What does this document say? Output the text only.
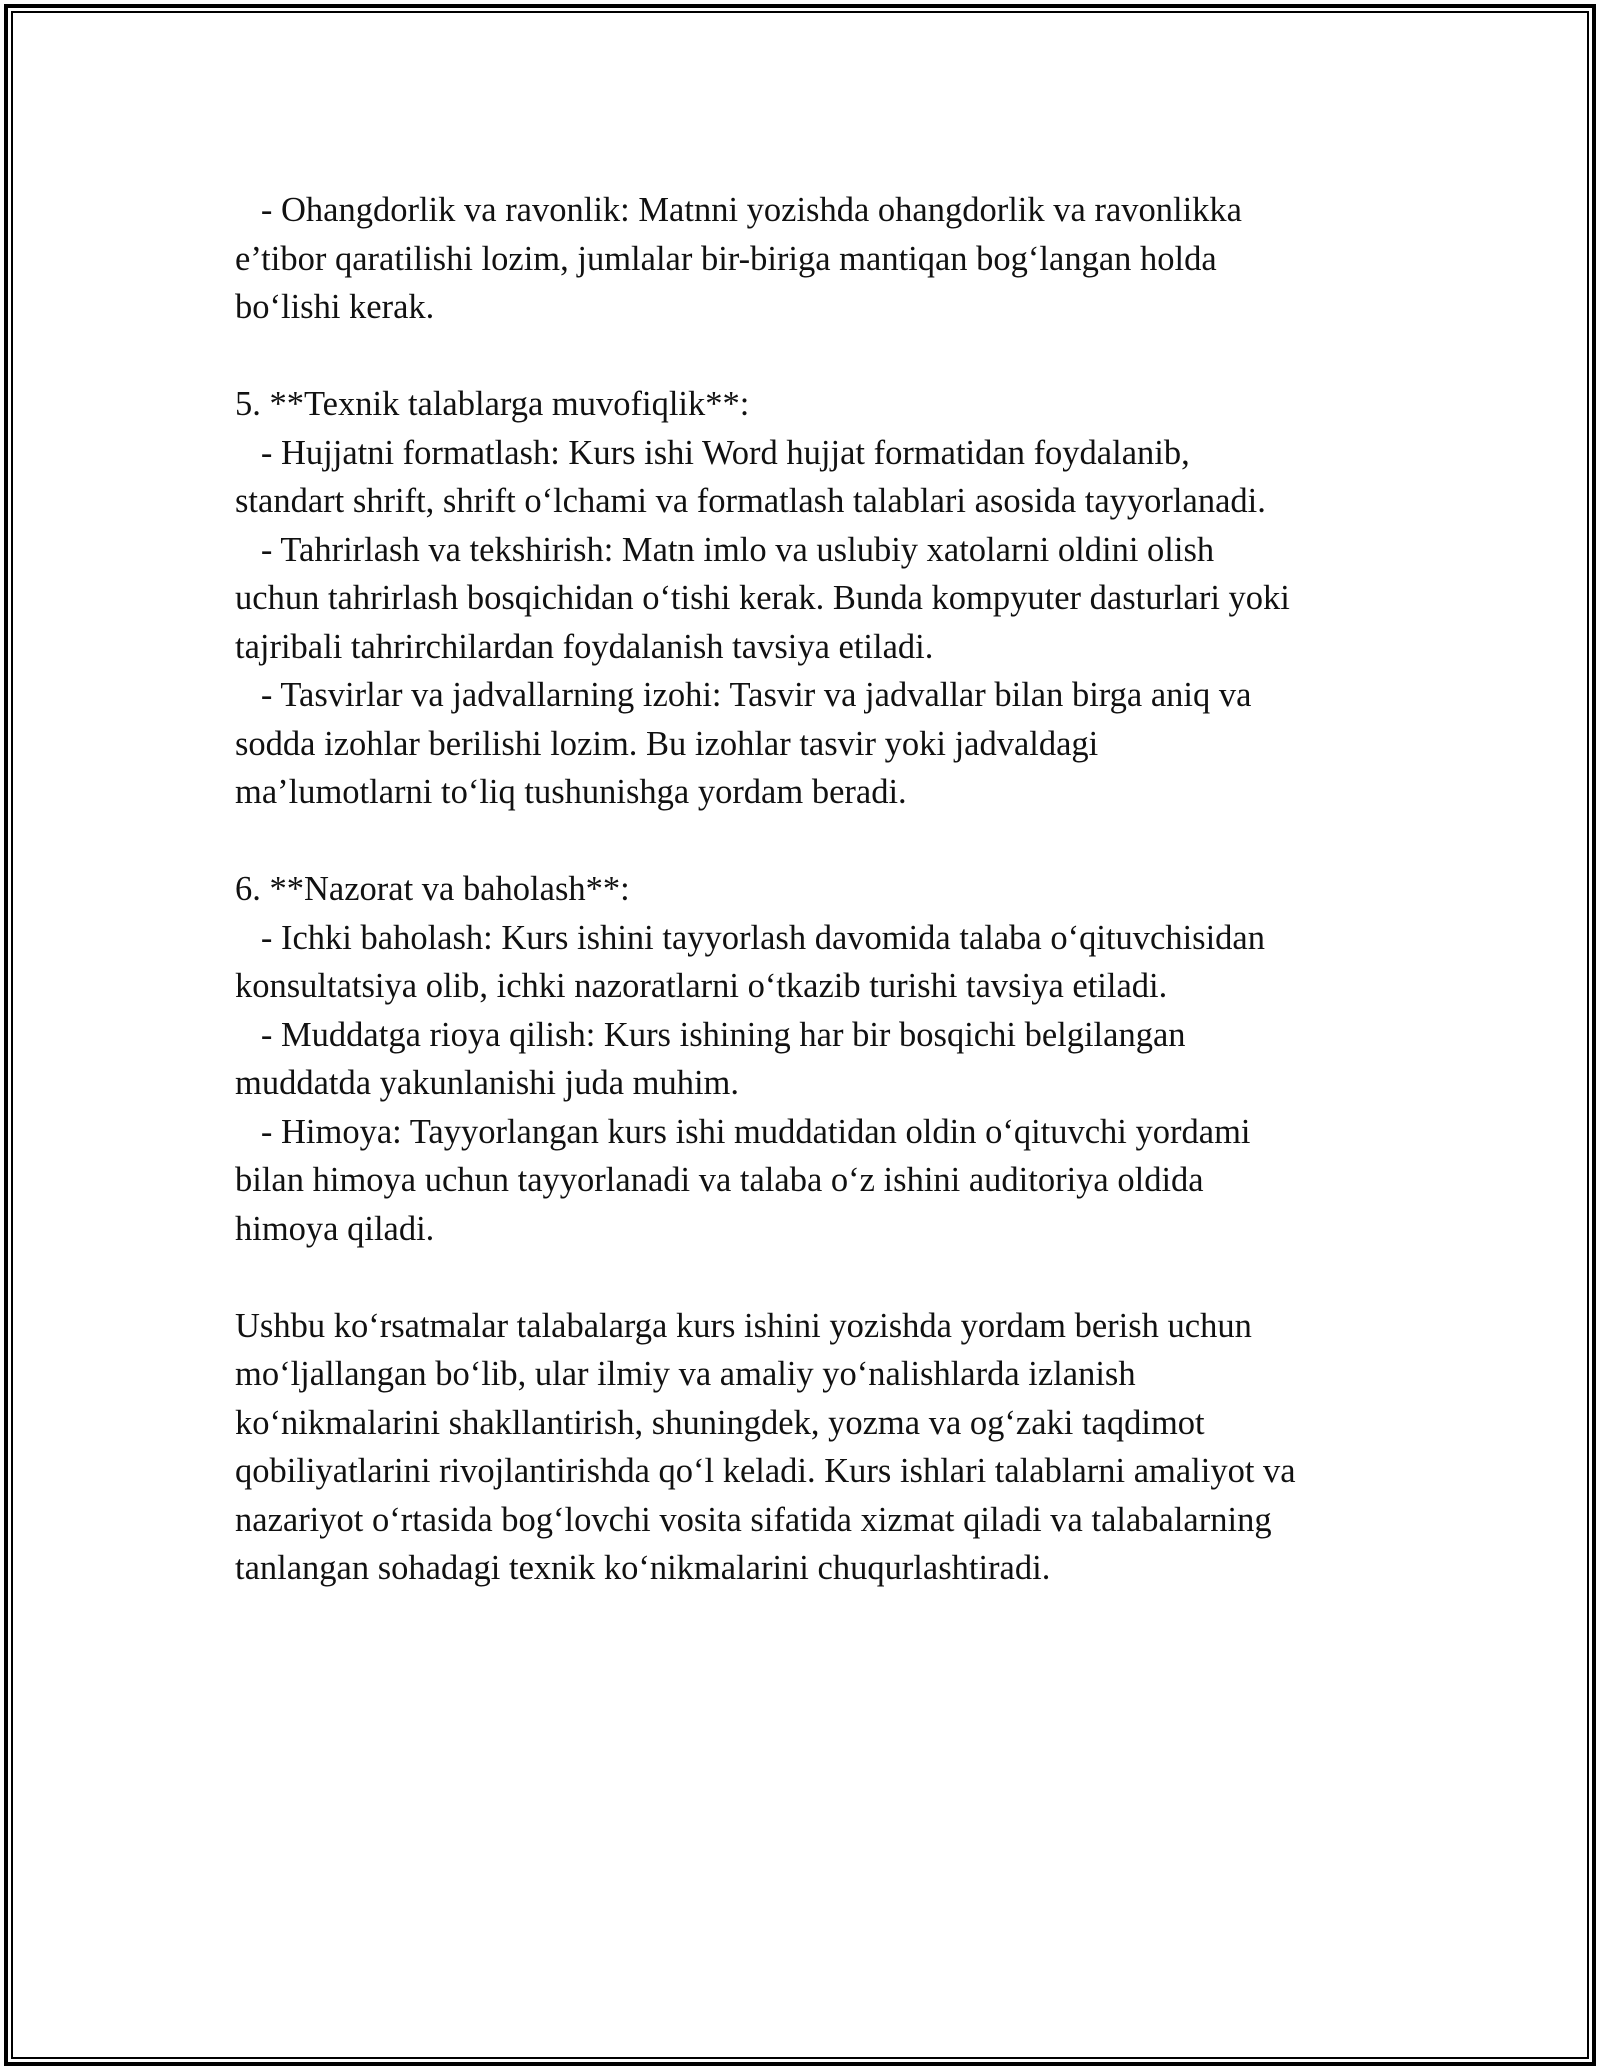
- Ohangdorlik va ravonlik: Matnni yozishda ohangdorlik va ravonlikka
e’tibor qaratilishi lozim, jumlalar bir-biriga mantiqan bog‘langan holda
bo‘lishi kerak.
5. **Texnik talablarga muvofiqlik**:
- Hujjatni formatlash: Kurs ishi Word hujjat formatidan foydalanib,
standart shrift, shrift o‘lchami va formatlash talablari asosida tayyorlanadi.
- Tahrirlash va tekshirish: Matn imlo va uslubiy xatolarni oldini olish
uchun tahrirlash bosqichidan o‘tishi kerak. Bunda kompyuter dasturlari yoki
tajribali tahrirchilardan foydalanish tavsiya etiladi.
- Tasvirlar va jadvallarning izohi: Tasvir va jadvallar bilan birga aniq va
sodda izohlar berilishi lozim. Bu izohlar tasvir yoki jadvaldagi
ma’lumotlarni to‘liq tushunishga yordam beradi.
6. **Nazorat va baholash**:
- Ichki baholash: Kurs ishini tayyorlash davomida talaba o‘qituvchisidan
konsultatsiya olib, ichki nazoratlarni o‘tkazib turishi tavsiya etiladi.
- Muddatga rioya qilish: Kurs ishining har bir bosqichi belgilangan
muddatda yakunlanishi juda muhim.
- Himoya: Tayyorlangan kurs ishi muddatidan oldin o‘qituvchi yordami
bilan himoya uchun tayyorlanadi va talaba o‘z ishini auditoriya oldida
himoya qiladi.
Ushbu ko‘rsatmalar talabalarga kurs ishini yozishda yordam berish uchun
mo‘ljallangan bo‘lib, ular ilmiy va amaliy yo‘nalishlarda izlanish
ko‘nikmalarini shakllantirish, shuningdek, yozma va og‘zaki taqdimot
qobiliyatlarini rivojlantirishda qo‘l keladi. Kurs ishlari talablarni amaliyot va
nazariyot o‘rtasida bog‘lovchi vosita sifatida xizmat qiladi va talabalarning
tanlangan sohadagi texnik ko‘nikmalarini chuqurlashtiradi.
